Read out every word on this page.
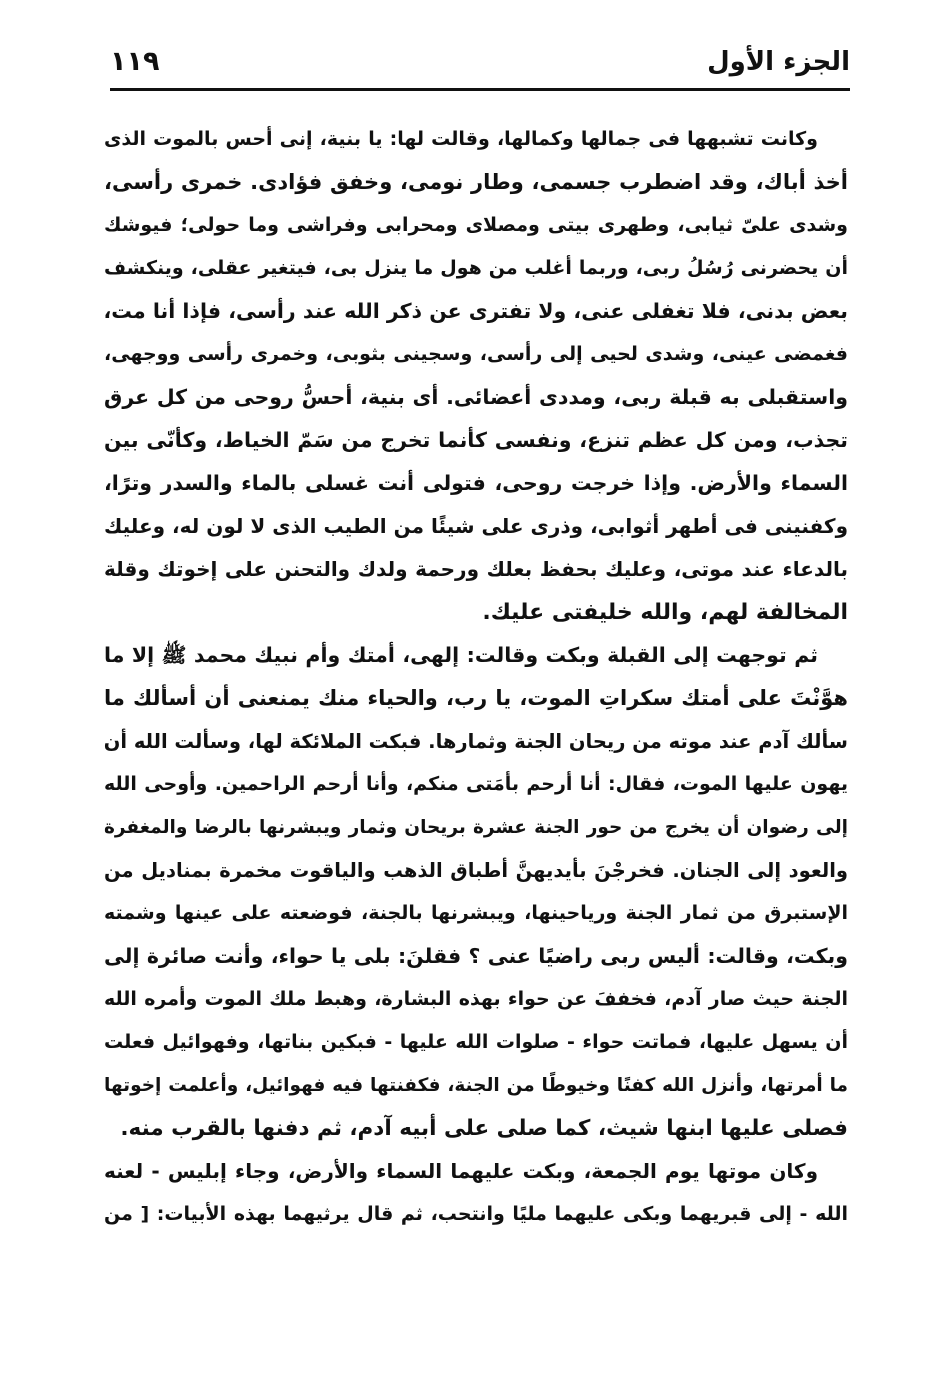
١١٩	الجزء الأول
وكانت تشبهها فى جمالها وكمالها، وقالت لها: يا بنية، إنى أحس بالموت الذى
أخذ أباك، وقد اضطرب جسمى، وطار نومى، وخفق فؤادى. خمرى رأسى،
وشدى علىّ ثيابى، وطهرى بيتى ومصلاى ومحرابى وفراشى وما حولى؛ فيوشك
أن يحضرنى رُسُلُ ربى، وربما أغلب من هول ما ينزل بى، فيتغير عقلى، وينكشف
بعض بدنى، فلا تغفلى عنى، ولا تفترى عن ذكر الله عند رأسى، فإذا أنا مت،
فغمضى عينى، وشدى لحيى إلى رأسى، وسجينى بثوبى، وخمرى رأسى ووجهى،
واستقبلى به قبلة ربى، ومددى أعضائى. أى بنية، أحسُّ روحى من كل عرق
تجذب، ومن كل عظم تنزع، ونفسى كأنما تخرج من سَمّ الخياط، وكأنّى بين
السماء والأرض. وإذا خرجت روحى، فتولى أنت غسلى بالماء والسدر وترًا،
وكفنينى فى أطهر أثوابى، وذرى على شيئًا من الطيب الذى لا لون له، وعليك
بالدعاء عند موتى، وعليك بحفظ بعلك ورحمة ولدك والتحنن على إخوتك وقلة
المخالفة لهم، والله خليفتى عليك.
ثم توجهت إلى القبلة وبكت وقالت: إلهى، أمتك وأم نبيك محمد ﷺ إلا ما
هوَّنْتَ على أمتك سكراتِ الموت، يا رب، والحياء منك يمنعنى أن أسألك ما
سألك آدم عند موته من ريحان الجنة وثمارها. فبكت الملائكة لها، وسألت الله أن
يهون عليها الموت، فقال: أنا أرحم بأمَتى منكم، وأنا أرحم الراحمين. وأوحى الله
إلى رضوان أن يخرج من حور الجنة عشرة بريحان وثمار ويبشرنها بالرضا والمغفرة
والعود إلى الجنان. فخرجْنَ بأيديهنَّ أطباق الذهب والياقوت مخمرة بمناديل من
الإستبرق من ثمار الجنة ورياحينها، ويبشرنها بالجنة، فوضعته على عينها وشمته
وبكت، وقالت: أليس ربى راضيًا عنى ؟ فقلنَ: بلى يا حواء، وأنت صائرة إلى
الجنة حيث صار آدم، فخففَ عن حواء بهذه البشارة، وهبط ملك الموت وأمره الله
أن يسهل عليها، فماتت حواء - صلوات الله عليها - فبكين بناتها، وفهوائيل فعلت
ما أمرتها، وأنزل الله كفنًا وخيوطًا من الجنة، فكفنتها فيه فهوائيل، وأعلمت إخوتها
فصلى عليها ابنها شيث، كما صلى على أبيه آدم، ثم دفنها بالقرب منه.
وكان موتها يوم الجمعة، وبكت عليهما السماء والأرض، وجاء إبليس - لعنه
الله - إلى قبريهما وبكى عليهما مليًا وانتحب، ثم قال يرثيهما بهذه الأبيات: [ من
